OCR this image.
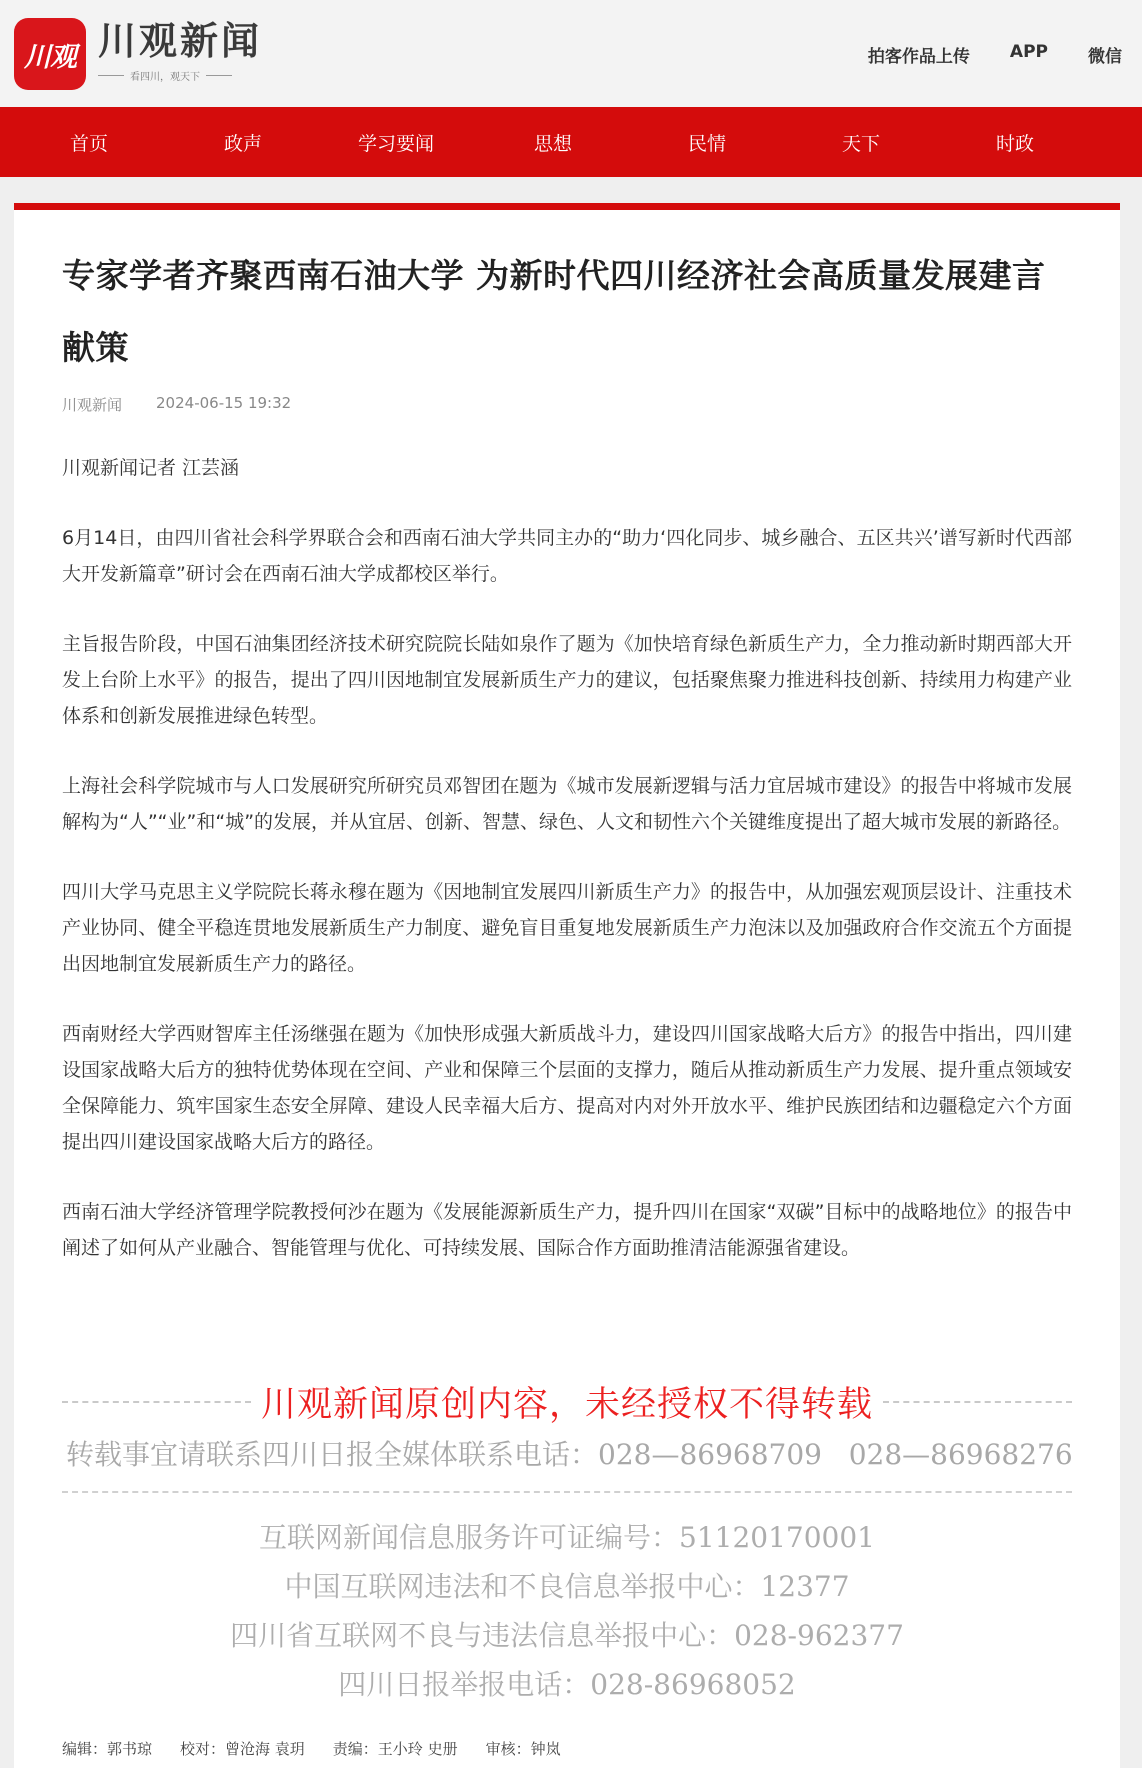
川观 川观新闻
看四川，观天下
拍客作品上传 APP 微信
首页	政声	学习要闻	思想	民情	天下	时政
专家学者齐聚西南石油大学 为新时代四川经济社会高质量发展建言献策
川观新闻 2024-06-15 19:32

川观新闻记者 江芸涵

6月14日，由四川省社会科学界联合会和西南石油大学共同主办的“助力‘四化同步、城乡融合、五区共兴’谱写新时代西部大开发新篇章”研讨会在西南石油大学成都校区举行。

主旨报告阶段，中国石油集团经济技术研究院院长陆如泉作了题为《加快培育绿色新质生产力，全力推动新时期西部大开发上台阶上水平》的报告，提出了四川因地制宜发展新质生产力的建议，包括聚焦聚力推进科技创新、持续用力构建产业体系和创新发展推进绿色转型。

上海社会科学院城市与人口发展研究所研究员邓智团在题为《城市发展新逻辑与活力宜居城市建设》的报告中将城市发展解构为“人”“业”和“城”的发展，并从宜居、创新、智慧、绿色、人文和韧性六个关键维度提出了超大城市发展的新路径。

四川大学马克思主义学院院长蒋永穆在题为《因地制宜发展四川新质生产力》的报告中，从加强宏观顶层设计、注重技术产业协同、健全平稳连贯地发展新质生产力制度、避免盲目重复地发展新质生产力泡沫以及加强政府合作交流五个方面提出因地制宜发展新质生产力的路径。

西南财经大学西财智库主任汤继强在题为《加快形成强大新质战斗力，建设四川国家战略大后方》的报告中指出，四川建设国家战略大后方的独特优势体现在空间、产业和保障三个层面的支撑力，随后从推动新质生产力发展、提升重点领域安全保障能力、筑牢国家生态安全屏障、建设人民幸福大后方、提高对内对外开放水平、维护民族团结和边疆稳定六个方面提出四川建设国家战略大后方的路径。

西南石油大学经济管理学院教授何沙在题为《发展能源新质生产力，提升四川在国家“双碳”目标中的战略地位》的报告中阐述了如何从产业融合、智能管理与优化、可持续发展、国际合作方面助推清洁能源强省建设。

川观新闻原创内容，未经授权不得转载
转载事宜请联系四川日报全媒体 联系电话：028—86968709 028—86968276
互联网新闻信息服务许可证编号：51120170001
中国互联网违法和不良信息举报中心：12377
四川省互联网不良与违法信息举报中心：028-962377
四川日报举报电话：028-86968052
编辑：郭书琼 校对：曾沧海 袁玥 责编：王小玲 史册 审核：钟岚
